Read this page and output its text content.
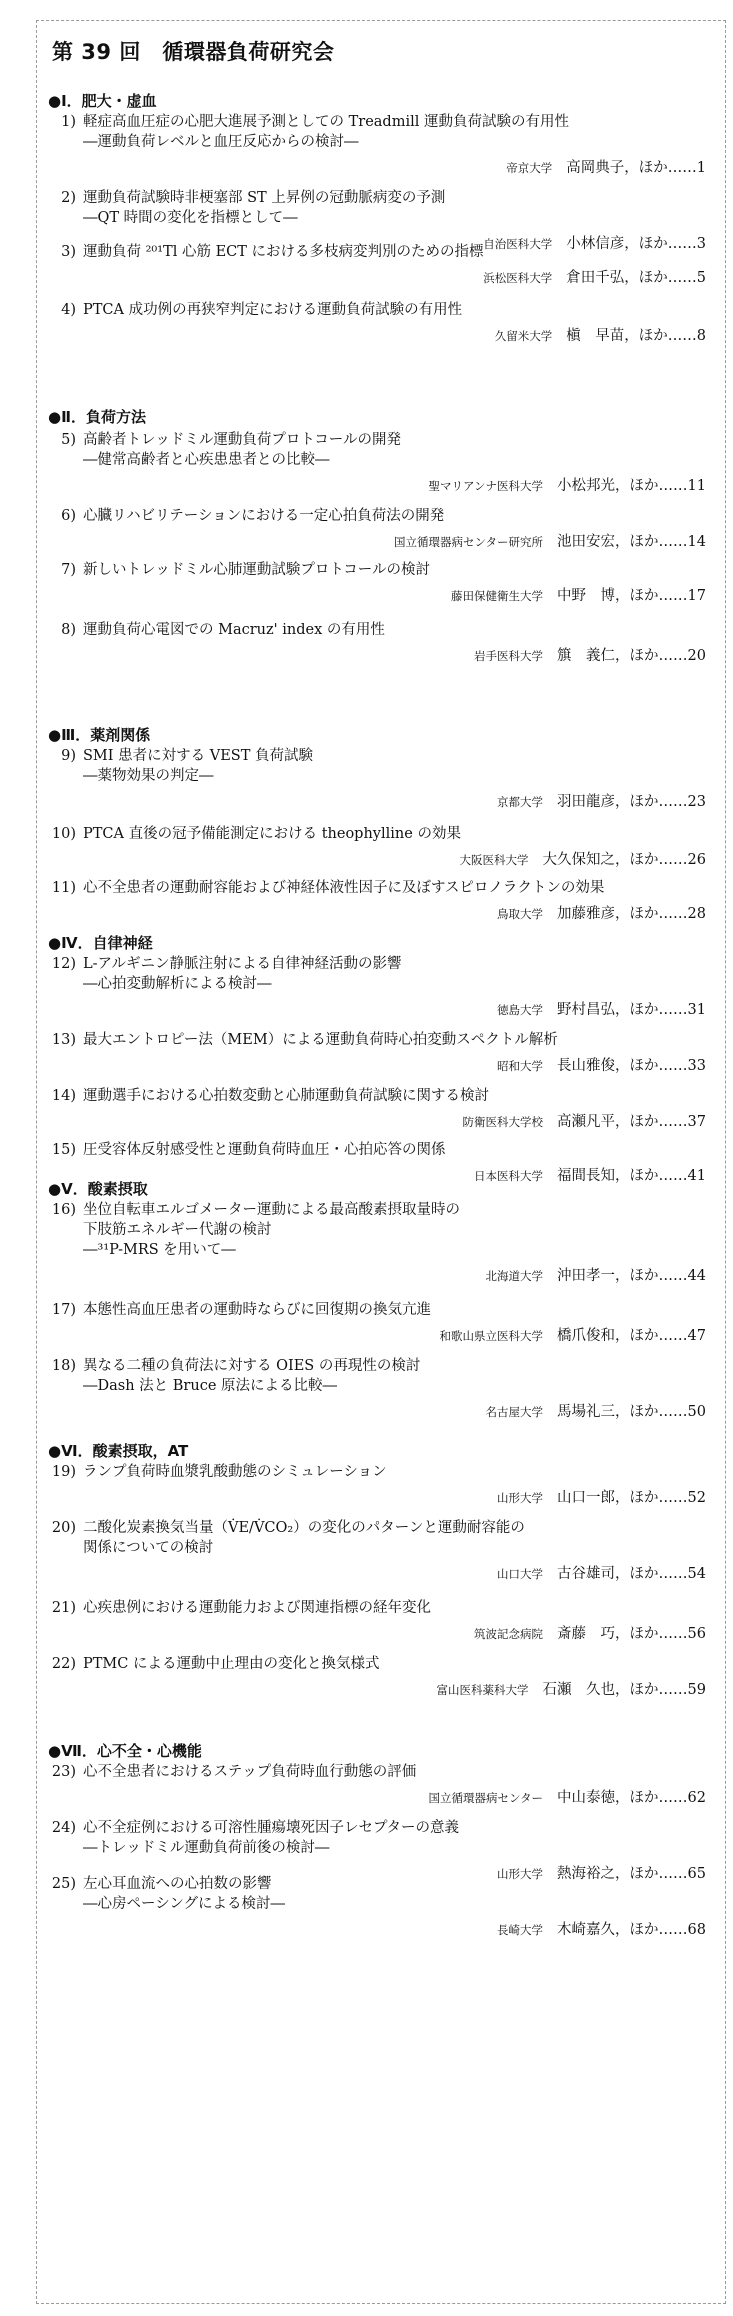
第 39 回　循環器負荷研究会
●Ⅰ．肥大・虚血
1) 軽症高血圧症の心肥大進展予測としての Treadmill 運動負荷試験の有用性
―運動負荷レベルと血圧反応からの検討―
帝京大学 高岡典子，ほか……1
2) 運動負荷試験時非梗塞部 ST 上昇例の冠動脈病変の予測
―QT 時間の変化を指標として―
自治医科大学 小林信彦，ほか……3
3) 運動負荷 ²⁰¹Tl 心筋 ECT における多枝病変判別のための指標
浜松医科大学 倉田千弘，ほか……5
4) PTCA 成功例の再狭窄判定における運動負荷試験の有用性
久留米大学 槇　早苗，ほか……8
●Ⅱ．負荷方法
5) 高齢者トレッドミル運動負荷プロトコールの開発
―健常高齢者と心疾患患者との比較―
聖マリアンナ医科大学 小松邦光，ほか……11
6) 心臓リハビリテーションにおける一定心拍負荷法の開発
国立循環器病センター研究所 池田安宏，ほか……14
7) 新しいトレッドミル心肺運動試験プロトコールの検討
藤田保健衛生大学 中野　博，ほか……17
8) 運動負荷心電図での Macruz' index の有用性
岩手医科大学 簱　義仁，ほか……20
●Ⅲ．薬剤関係
9) SMI 患者に対する VEST 負荷試験
―薬物効果の判定―
京都大学 羽田龍彦，ほか……23
10) PTCA 直後の冠予備能測定における theophylline の効果
大阪医科大学 大久保知之，ほか……26
11) 心不全患者の運動耐容能および神経体液性因子に及ぼすスピロノラクトンの効果
鳥取大学 加藤雅彦，ほか……28
●Ⅳ．自律神経
12) L-アルギニン静脈注射による自律神経活動の影響
―心拍変動解析による検討―
徳島大学 野村昌弘，ほか……31
13) 最大エントロピー法（MEM）による運動負荷時心拍変動スペクトル解析
昭和大学 長山雅俊，ほか……33
14) 運動選手における心拍数変動と心肺運動負荷試験に関する検討
防衛医科大学校 高瀬凡平，ほか……37
15) 圧受容体反射感受性と運動負荷時血圧・心拍応答の関係
日本医科大学 福間長知，ほか……41
●Ⅴ．酸素摂取
16) 坐位自転車エルゴメーター運動による最高酸素摂取量時の
下肢筋エネルギー代謝の検討
―³¹P-MRS を用いて―
北海道大学 沖田孝一，ほか……44
17) 本態性高血圧患者の運動時ならびに回復期の換気亢進
和歌山県立医科大学 橋爪俊和，ほか……47
18) 異なる二種の負荷法に対する OIES の再現性の検討
―Dash 法と Bruce 原法による比較―
名古屋大学 馬場礼三，ほか……50
●Ⅵ．酸素摂取，AT
19) ランプ負荷時血漿乳酸動態のシミュレーション
山形大学 山口一郎，ほか……52
20) 二酸化炭素換気当量（V̇E/V̇CO₂）の変化のパターンと運動耐容能の
関係についての検討
山口大学 古谷雄司，ほか……54
21) 心疾患例における運動能力および関連指標の経年変化
筑波記念病院 斎藤　巧，ほか……56
22) PTMC による運動中止理由の変化と換気様式
富山医科薬科大学 石瀬　久也，ほか……59
●Ⅶ．心不全・心機能
23) 心不全患者におけるステップ負荷時血行動態の評価
国立循環器病センター 中山泰徳，ほか……62
24) 心不全症例における可溶性腫瘍壊死因子レセプターの意義
―トレッドミル運動負荷前後の検討―
山形大学 熱海裕之，ほか……65
25) 左心耳血流への心拍数の影響
―心房ペーシングによる検討―
長崎大学 木崎嘉久，ほか……68
